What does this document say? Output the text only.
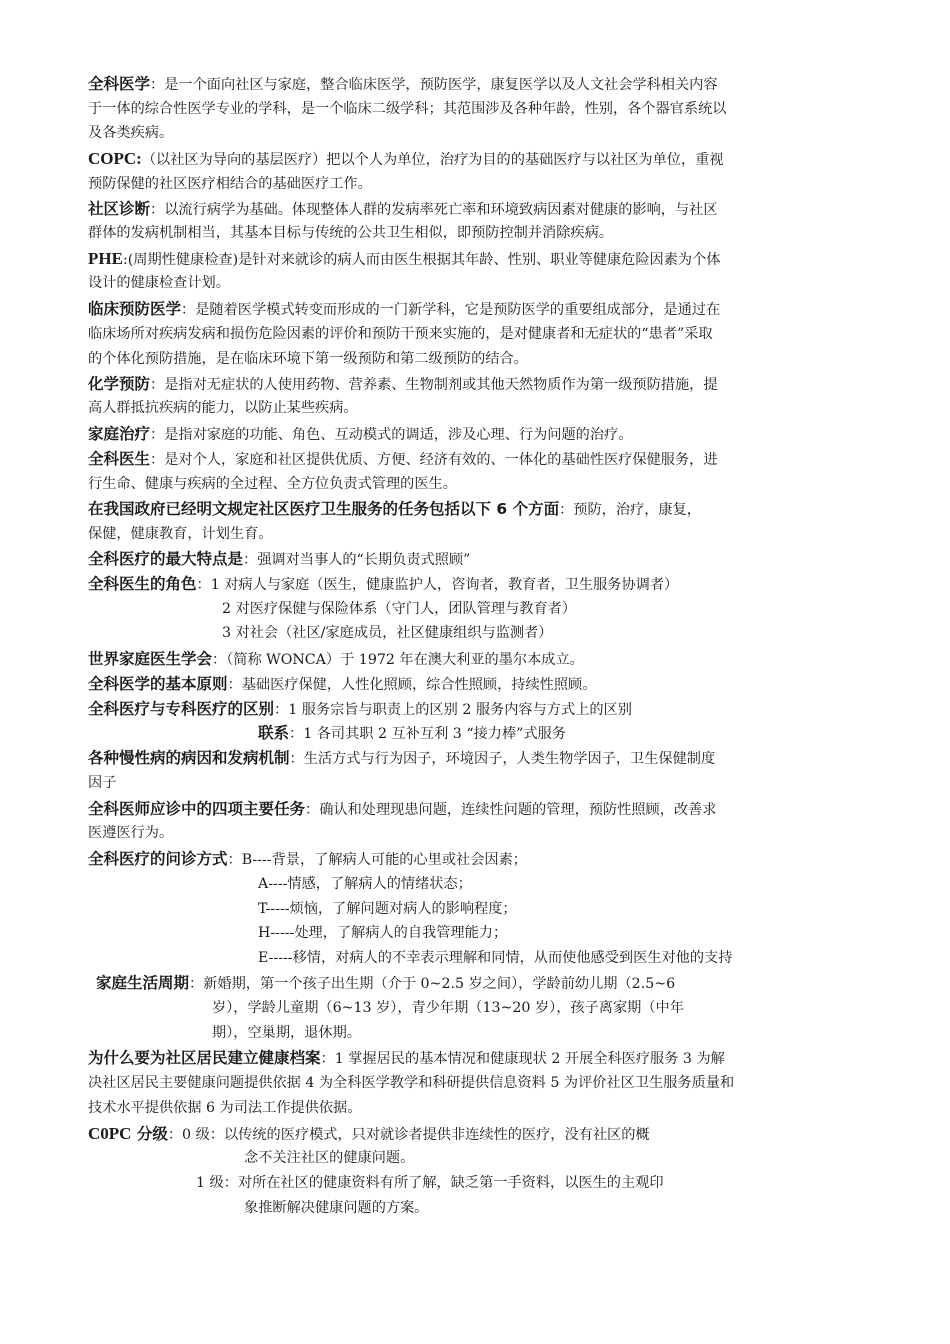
全科医学：是一个面向社区与家庭，整合临床医学，预防医学，康复医学以及人文社会学科相关内容
于一体的综合性医学专业的学科，是一个临床二级学科；其范围涉及各种年龄，性别，各个器官系统以
及各类疾病。
COPC:（以社区为导向的基层医疗）把以个人为单位，治疗为目的的基础医疗与以社区为单位，重视
预防保健的社区医疗相结合的基础医疗工作。
社区诊断：以流行病学为基础。体现整体人群的发病率死亡率和环境致病因素对健康的影响，与社区
群体的发病机制相当，其基本目标与传统的公共卫生相似，即预防控制并消除疾病。
PHE:(周期性健康检查)是针对来就诊的病人而由医生根据其年龄、性别、职业等健康危险因素为个体
设计的健康检查计划。
临床预防医学：是随着医学模式转变而形成的一门新学科，它是预防医学的重要组成部分，是通过在
临床场所对疾病发病和损伤危险因素的评价和预防干预来实施的，是对健康者和无症状的“患者”采取
的个体化预防措施，是在临床环境下第一级预防和第二级预防的结合。
化学预防：是指对无症状的人使用药物、营养素、生物制剂或其他天然物质作为第一级预防措施，提
高人群抵抗疾病的能力，以防止某些疾病。
家庭治疗：是指对家庭的功能、角色、互动模式的调适，涉及心理、行为问题的治疗。
全科医生：是对个人，家庭和社区提供优质、方便、经济有效的、一体化的基础性医疗保健服务，进
行生命、健康与疾病的全过程、全方位负责式管理的医生。
在我国政府已经明文规定社区医疗卫生服务的任务包括以下 6 个方面：预防，治疗，康复，
保健，健康教育，计划生育。
全科医疗的最大特点是：强调对当事人的“长期负责式照顾”
全科医生的角色：1 对病人与家庭（医生，健康监护人，咨询者，教育者，卫生服务协调者）
2 对医疗保健与保险体系（守门人，团队管理与教育者）
3 对社会（社区/家庭成员，社区健康组织与监测者）
世界家庭医生学会：（简称 WONCA）于 1972 年在澳大利亚的墨尔本成立。
全科医学的基本原则：基础医疗保健，人性化照顾，综合性照顾，持续性照顾。
全科医疗与专科医疗的区别：1 服务宗旨与职责上的区别 2 服务内容与方式上的区别
联系：1 各司其职 2 互补互利 3 “接力棒”式服务
各种慢性病的病因和发病机制：生活方式与行为因子，环境因子，人类生物学因子，卫生保健制度
因子
全科医师应诊中的四项主要任务：确认和处理现患问题，连续性问题的管理，预防性照顾，改善求
医遵医行为。
全科医疗的问诊方式：B----背景，了解病人可能的心里或社会因素；
A----情感，了解病人的情绪状态；
T-----烦恼，了解问题对病人的影响程度；
H-----处理，了解病人的自我管理能力；
E-----移情，对病人的不幸表示理解和同情，从而使他感受到医生对他的支持
家庭生活周期：新婚期，第一个孩子出生期（介于 0~2.5 岁之间），学龄前幼儿期（2.5~6
岁），学龄儿童期（6~13 岁），青少年期（13~20 岁），孩子离家期（中年
期），空巢期，退休期。
为什么要为社区居民建立健康档案：1 掌握居民的基本情况和健康现状 2 开展全科医疗服务 3 为解
决社区居民主要健康问题提供依据 4 为全科医学教学和科研提供信息资料 5 为评价社区卫生服务质量和
技术水平提供依据 6 为司法工作提供依据。
C0PC 分级：0 级：以传统的医疗模式，只对就诊者提供非连续性的医疗，没有社区的概
念不关注社区的健康问题。
1 级：对所在社区的健康资料有所了解，缺乏第一手资料，以医生的主观印
象推断解决健康问题的方案。
